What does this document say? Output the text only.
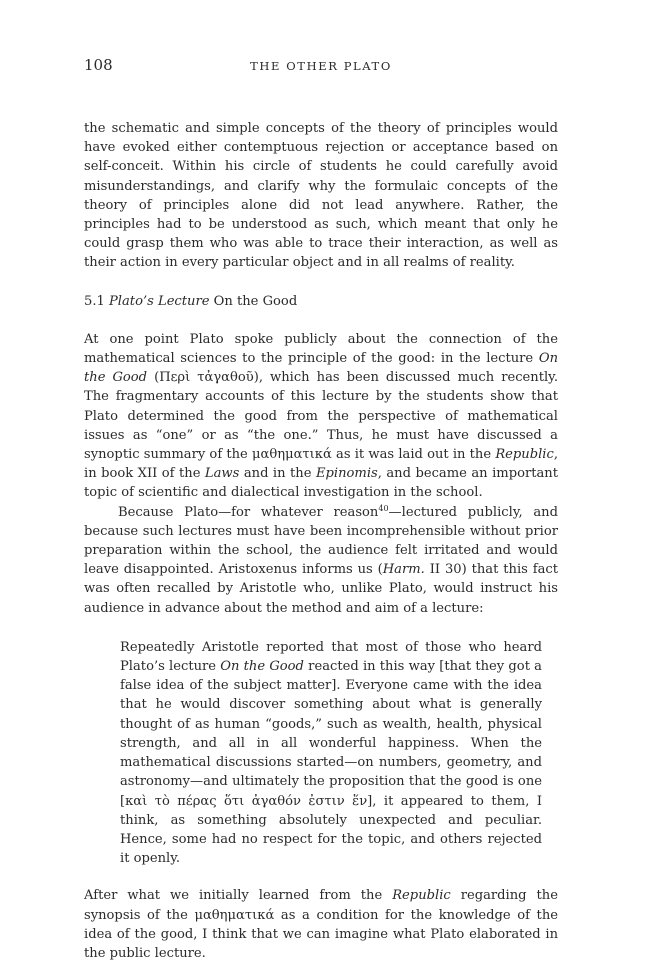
108	THE OTHER PLATO

the schematic and simple concepts of the theory of principles would have evoked either contemptuous rejection or acceptance based on self-conceit. Within his circle of students he could carefully avoid misunderstandings, and clarify why the formulaic concepts of the theory of principles alone did not lead anywhere. Rather, the principles had to be understood as such, which meant that only he could grasp them who was able to trace their interaction, as well as their action in every particular object and in all realms of reality.

5.1 Plato’s Lecture On the Good

At one point Plato spoke publicly about the connection of the mathematical sciences to the principle of the good: in the lecture On the Good (Περὶ τἀγαθοῦ), which has been discussed much recently. The fragmentary accounts of this lecture by the students show that Plato determined the good from the perspective of mathematical issues as “one” or as “the one.” Thus, he must have discussed a synoptic summary of the μαθηματικά as it was laid out in the Republic, in book XII of the Laws and in the Epinomis, and became an important topic of scientific and dialectical investigation in the school.

Because Plato—for whatever reason$^{40}$—lectured publicly, and because such lectures must have been incomprehensible without prior preparation within the school, the audience felt irritated and would leave disappointed. Aristoxenus informs us (Harm. II 30) that this fact was often recalled by Aristotle who, unlike Plato, would instruct his audience in advance about the method and aim of a lecture:

Repeatedly Aristotle reported that most of those who heard Plato’s lecture On the Good reacted in this way [that they got a false idea of the subject matter]. Everyone came with the idea that he would discover something about what is generally thought of as human “goods,” such as wealth, health, physical strength, and all in all wonderful happiness. When the mathematical discussions started—on numbers, geometry, and astronomy—and ultimately the proposition that the good is one [καὶ τὸ πέρας ὅτι ἀγαθόν ἐστιν ἕν], it appeared to them, I think, as something absolutely unexpected and peculiar. Hence, some had no respect for the topic, and others rejected it openly.

After what we initially learned from the Republic regarding the synopsis of the μαθηματικά as a condition for the knowledge of the idea of the good, I think that we can imagine what Plato elaborated in the public lecture.
